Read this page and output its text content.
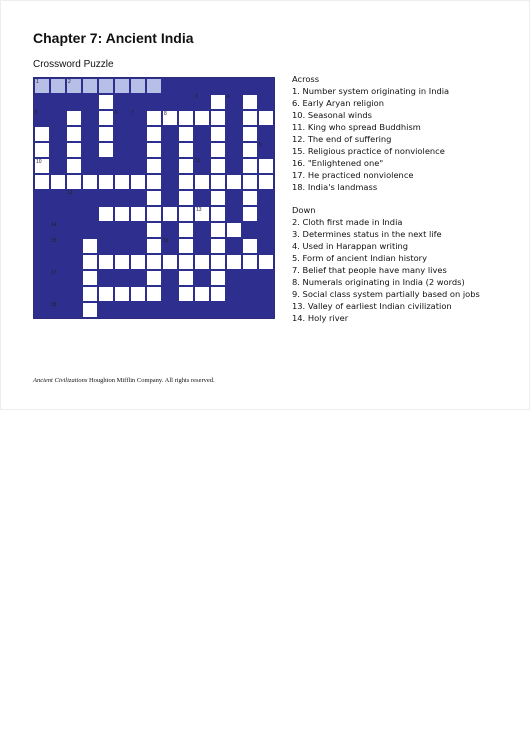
Chapter 7: Ancient India
Crossword Puzzle
1	2
3	4
5	6	7	8
9
10	11
12
13
14
15	16
17
18

Across

1. Number system originating in India

6. Early Aryan religion

10. Seasonal winds

11. King who spread Buddhism

12. The end of suffering

15. Religious practice of nonviolence

16. "Enlightened one"

17. He practiced nonviolence

18. India's landmass

Down

2. Cloth first made in India

3. Determines status in the next life

4. Used in Harappan writing

5. Form of ancient Indian history

7. Belief that people have many lives

8. Numerals originating in India (2 words)

9. Social class system partially based on jobs

13. Valley of earliest Indian civilization

14. Holy river

Ancient Civilizations Houghton Mifflin Company. All rights reserved.
